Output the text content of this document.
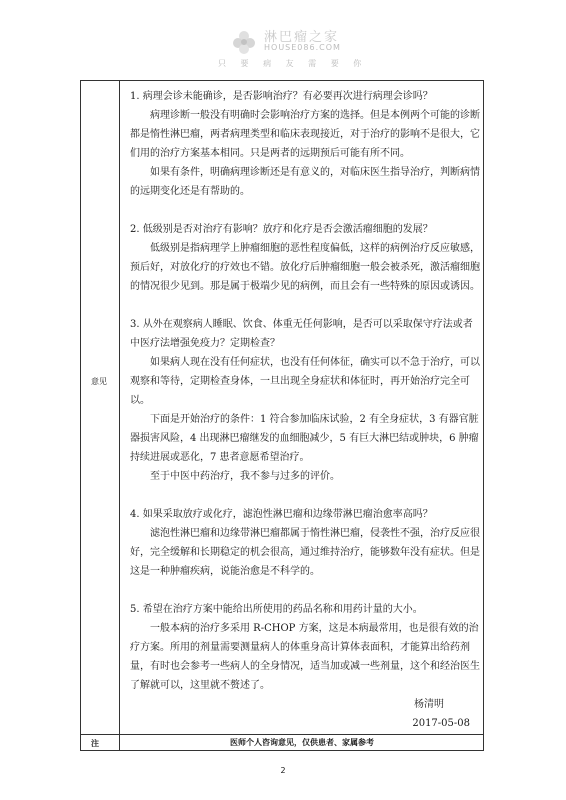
淋巴瘤之家
HOUSE086.COM
只 要 病 友 需 要 你
意见
注

1. 病理会诊未能确诊，是否影响治疗？有必要再次进行病理会诊吗？

病理诊断一般没有明确时会影响治疗方案的选择。但是本例两个可能的诊断都是惰性淋巴瘤，两者病理类型和临床表现接近，对于治疗的影响不是很大，它们用的治疗方案基本相同。只是两者的远期预后可能有所不同。

如果有条件，明确病理诊断还是有意义的，对临床医生指导治疗，判断病情的远期变化还是有帮助的。

2. 低级别是否对治疗有影响？放疗和化疗是否会激活瘤细胞的发展？

低级别是指病理学上肿瘤细胞的恶性程度偏低，这样的病例治疗反应敏感，预后好，对放化疗的疗效也不错。放化疗后肿瘤细胞一般会被杀死，激活瘤细胞的情况很少见到。那是属于极端少见的病例，而且会有一些特殊的原因或诱因。

3. 从外在观察病人睡眠、饮食、体重无任何影响，是否可以采取保守疗法或者中医疗法增强免疫力？定期检查？

如果病人现在没有任何症状，也没有任何体征，确实可以不急于治疗，可以观察和等待，定期检查身体，一旦出现全身症状和体征时，再开始治疗完全可以。

下面是开始治疗的条件：1 符合参加临床试验，2 有全身症状，3 有器官脏器损害风险，4 出现淋巴瘤继发的血细胞减少，5 有巨大淋巴结或肿块，6 肿瘤持续进展或恶化，7 患者意愿希望治疗。

至于中医中药治疗，我不参与过多的评价。

4. 如果采取放疗或化疗，滤泡性淋巴瘤和边缘带淋巴瘤治愈率高吗？

滤泡性淋巴瘤和边缘带淋巴瘤都属于惰性淋巴瘤，侵袭性不强，治疗反应很好，完全缓解和长期稳定的机会很高，通过维持治疗，能够数年没有症状。但是这是一种肿瘤疾病，说能治愈是不科学的。

5. 希望在治疗方案中能给出所使用的药品名称和用药计量的大小。

一般本病的治疗多采用 R-CHOP 方案，这是本病最常用，也是很有效的治疗方案。所用的剂量需要测量病人的体重身高计算体表面积，才能算出给药剂量，有时也会参考一些病人的全身情况，适当加或减一些剂量，这个和经治医生了解就可以，这里就不赘述了。

杨清明

2017-05-08

医师个人咨询意见，仅供患者、家属参考
2
